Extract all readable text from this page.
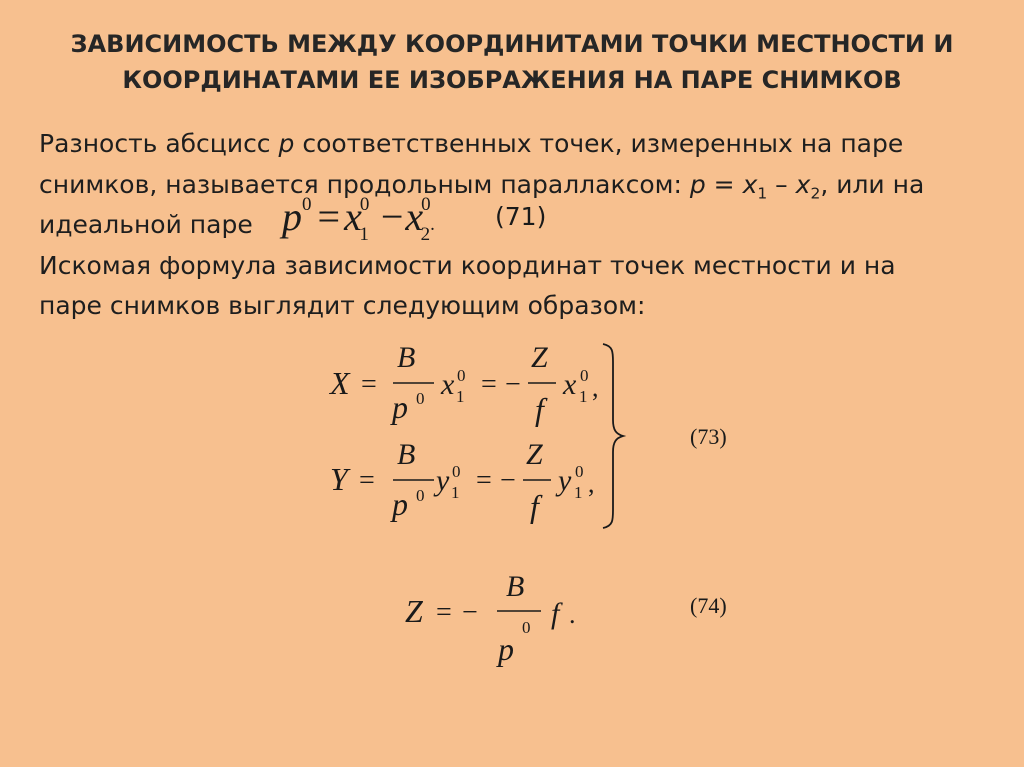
ЗАВИСИМОСТЬ МЕЖДУ КООРДИНИТАМИ ТОЧКИ МЕСТНОСТИ И
КООРДИНАТАМИ ЕЕ ИЗОБРАЖЕНИЯ НА ПАРЕ СНИМКОВ
Разность абсцисс p соответственных точек, измеренных на паре
снимков, называется продольным параллаксом: $p = x_1 - x_2$, или на
идеальной паре
Искомая формула зависимости координат точек местности и на
паре снимков выглядит следующим образом:
$p^0 = x^0_1 -x^0_2$. (71)
X =
B
p 0 x 0
1 = −
Z
f
x 0
1 ,
Y =
B
p 0 y 0
1 = −
Z
f
y 0
1 ,
Z = −
B
p
0 f .
(73)
(74)
